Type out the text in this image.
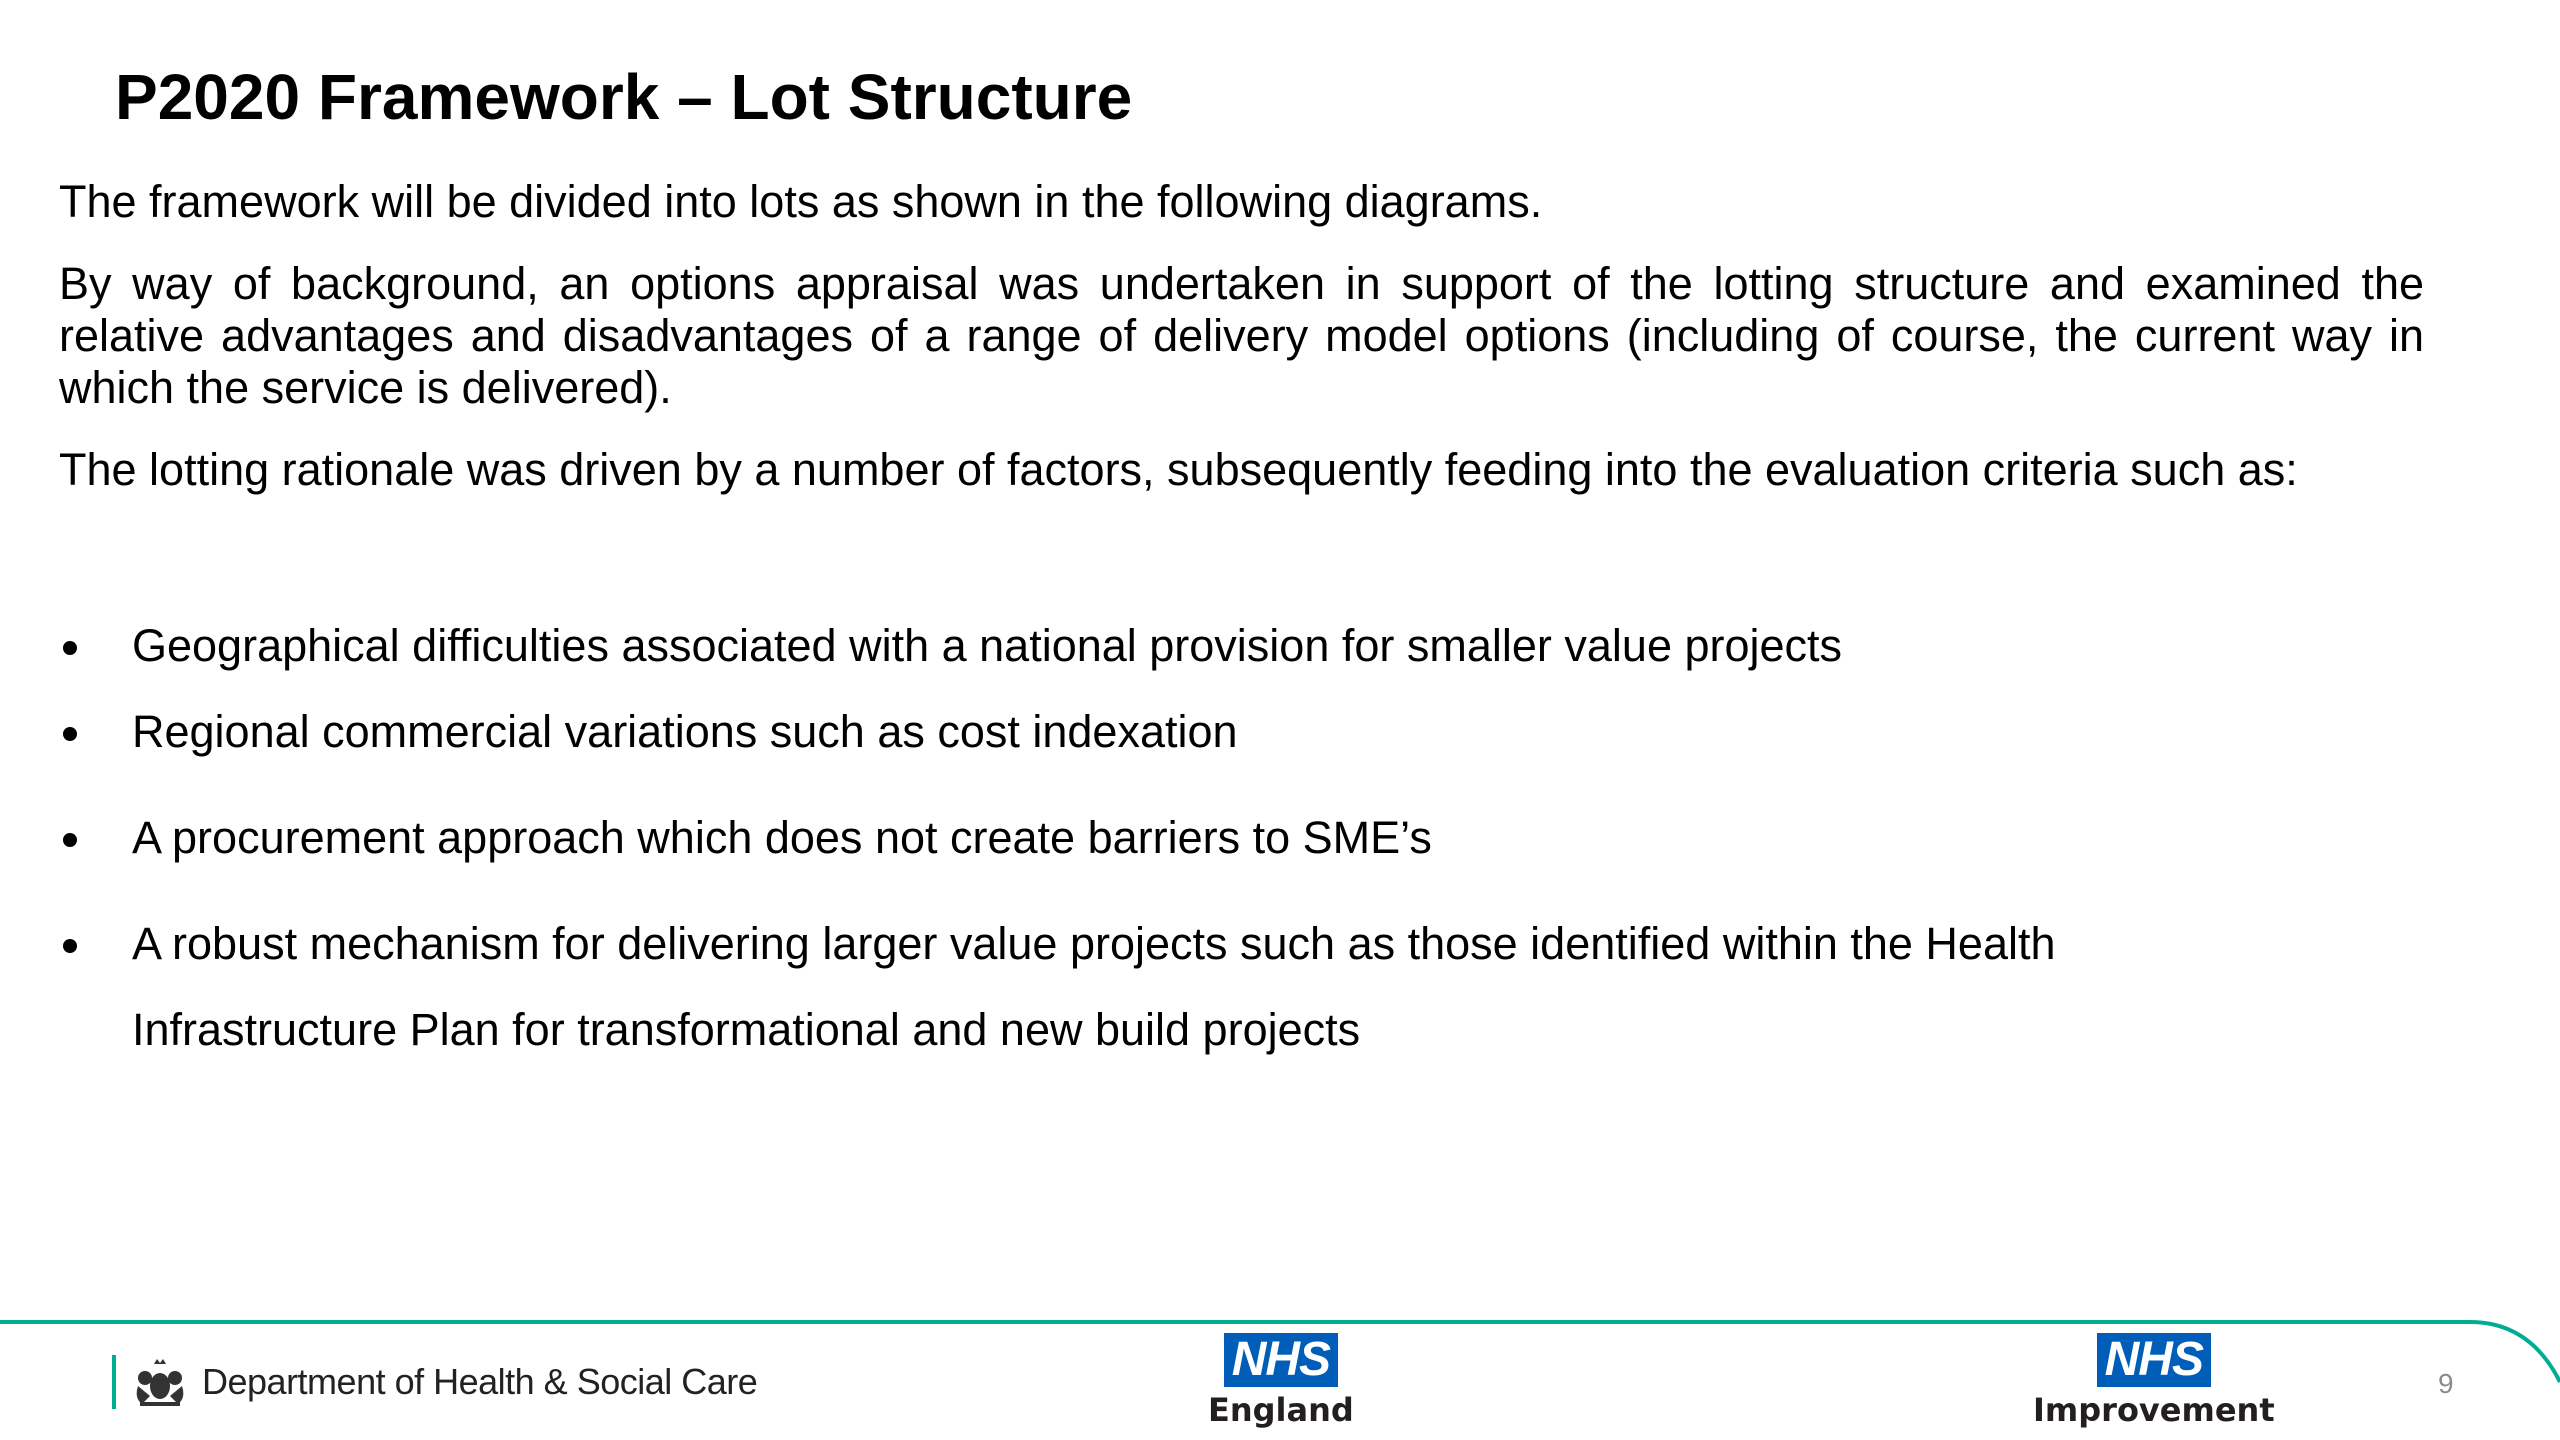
P2020 Framework – Lot Structure

The framework will be divided into lots as shown in the following diagrams.

By way of background, an options appraisal was undertaken in support of the lotting structure and examined the relative advantages and disadvantages of a range of delivery model options (including of course, the current way in which the service is delivered).

The lotting rationale was driven by a number of factors, subsequently feeding into the evaluation criteria such as:

Geographical difficulties associated with a national provision for smaller value projects
Regional commercial variations such as cost indexation
A procurement approach which does not create barriers to SME’s
A robust mechanism for delivering larger value projects such as those identified within the Health
Infrastructure Plan for transformational and new build projects
Department of Health & Social Care	NHS
England
NHS
Improvement
9
